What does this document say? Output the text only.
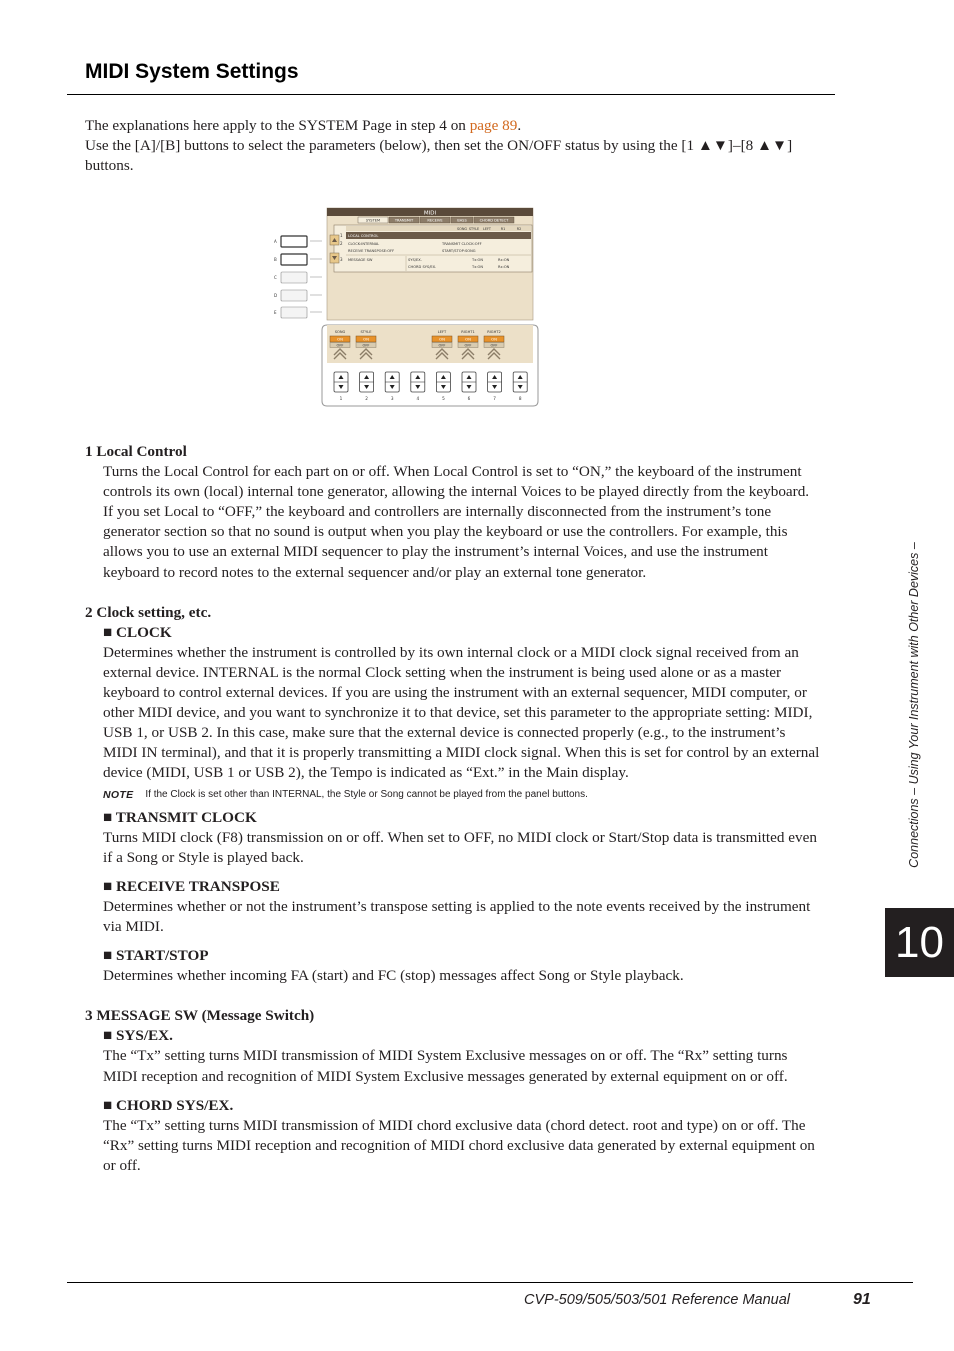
MIDI System Settings
The explanations here apply to the SYSTEM Page in step 4 on page 89.
Use the [A]/[B] buttons to select the parameters (below), then set the ON/OFF status by using the [1 ▲▼]–[8 ▲▼] buttons.
A
B
C
D
E
MIDI
SYSTEM	TRANSMIT	RECEIVE	BASS	CHORD DETECT
SONG STYLE LEFT	R1	R2
1 LOCAL CONTROL
2 CLOCK:INTERNAL	TRANSMIT CLOCK:OFF
RECEIVE TRANSPOSE:OFF	START/STOP:SONG
3 MESSAGE SW	SYS/EX.	Tx:ON	Rx:ON
CHORD SYS/EX.	Tx:ON	Rx:ON
SONG
ON
OFF
STYLE
ON
OFF
LEFT
ON
OFF
RIGHT1
ON
OFF
RIGHT2
ON
OFF
1	2	3	4	5	6	7	8

1 Local Control

Turns the Local Control for each part on or off. When Local Control is set to “ON,” the keyboard of the instrument controls its own (local) internal tone generator, allowing the internal Voices to be played directly from the keyboard. If you set Local to “OFF,” the keyboard and controllers are internally disconnected from the instrument’s tone generator section so that no sound is output when you play the keyboard or use the controllers. For example, this allows you to use an external MIDI sequencer to play the instrument’s internal Voices, and use the instrument keyboard to record notes to the external sequencer and/or play an external tone generator.

2 Clock setting, etc.

■ CLOCK

Determines whether the instrument is controlled by its own internal clock or a MIDI clock signal received from an external device. INTERNAL is the normal Clock setting when the instrument is being used alone or as a master keyboard to control external devices. If you are using the instrument with an external sequencer, MIDI computer, or other MIDI device, and you want to synchronize it to that device, set this parameter to the appropriate setting: MIDI, USB 1, or USB 2. In this case, make sure that the external device is connected properly (e.g., to the instrument’s MIDI IN terminal), and that it is properly transmitting a MIDI clock signal. When this is set for control by an external device (MIDI, USB 1 or USB 2), the Tempo is indicated as “Ext.” in the Main display.

NOTE If the Clock is set other than INTERNAL, the Style or Song cannot be played from the panel buttons.

■ TRANSMIT CLOCK

Turns MIDI clock (F8) transmission on or off. When set to OFF, no MIDI clock or Start/Stop data is transmitted even if a Song or Style is played back.

■ RECEIVE TRANSPOSE

Determines whether or not the instrument’s transpose setting is applied to the note events received by the instrument via MIDI.

■ START/STOP

Determines whether incoming FA (start) and FC (stop) messages affect Song or Style playback.

3 MESSAGE SW (Message Switch)

■ SYS/EX.

The “Tx” setting turns MIDI transmission of MIDI System Exclusive messages on or off. The “Rx” setting turns MIDI reception and recognition of MIDI System Exclusive messages generated by external equipment on or off.

■ CHORD SYS/EX.

The “Tx” setting turns MIDI transmission of MIDI chord exclusive data (chord detect. root and type) on or off. The “Rx” setting turns MIDI reception and recognition of MIDI chord exclusive data generated by external equipment on or off.

Connections – Using Your Instrument with Other Devices –
10
CVP-509/505/503/501 Reference Manual	91
